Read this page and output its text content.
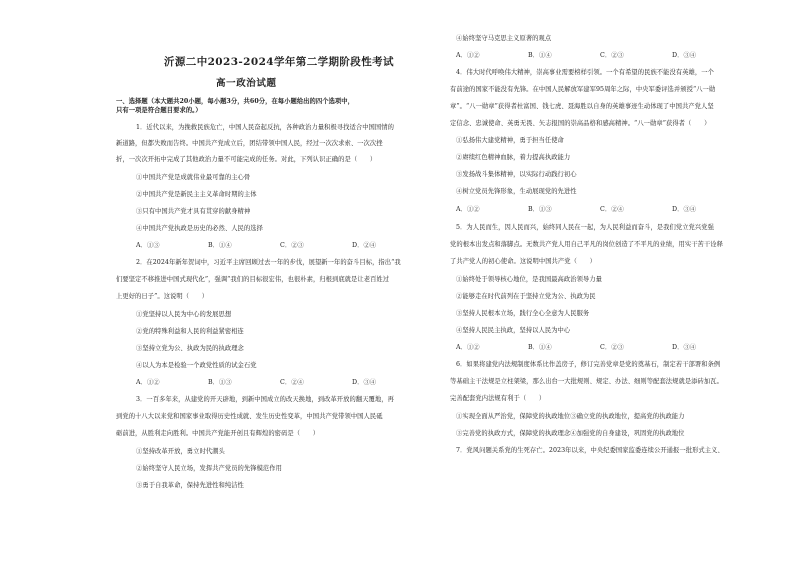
沂源二中2023-2024学年第二学期阶段性考试
高一政治试题
一、选择题（本大题共20小题，每小题3分，共60分，在每小题给出的四个选项中，
只有一项是符合题目要求的。）
1．近代以来，为挽救民族危亡，中国人民奋起反抗，各种政治力量积极寻找适合中国国情的
新道路，但都失败而告终。中国共产党成立后，团结带领中国人民，经过一次次求索、一次次挫
折，一次次开拓中完成了其他政治力量不可能完成的任务。对此，下列认识正确的是（　　）
①中国共产党是成就伟业最可靠的主心骨
②中国共产党是新民主主义革命时期的主体
③只有中国共产党才具有贯穿的献身精神
④中国共产党执政是历史的必然、人民的选择
A．①③	B．①④	C．②③	D．②④
2．在2024年新年贺词中，习近平主席回顾过去一年的步伐，展望新一年的奋斗目标，指出“我
们要坚定不移推进中国式现代化”，强调“我们的目标很宏伟，也很朴素，归根到底就是让老百姓过
上更好的日子”。这说明（　　）
①党坚持以人民为中心的发展思想
②党的特殊利益和人民的利益紧密相连
③坚持立党为公、执政为民的执政理念
④以人为本是检验一个政党性质的试金石党
A．①②	B．①③	C．②④	D．③④
3．一百多年来，从建党的开天辟地，到新中国成立的改天换地，到改革开放的翻天覆地，再
到党的十八大以来党和国家事业取得历史性成就、发生历史性变革，中国共产党带领中国人民砥
砺前进，从胜利走向胜利。中国共产党能开创且有辉煌的密码是（　　）
①坚持改革开放，勇立时代潮头
②始终坚守人民立场，发挥共产党员的先锋模范作用
③勇于自我革命，保持先进性和纯洁性
④始终坚守马克思主义原著的观点
A．①②	B．①④	C．②③	D．③④
4．伟大时代呼唤伟大精神，崇高事业需要榜样引领。一个有希望的民族不能没有英雄，一个
有前途的国家不能没有先锋。在中国人民解放军建军95周年之际，中央军委评选并颁授“八一勋
章”。“八一勋章”获得者杜富国、钱七虎、聂海胜以自身的英雄事迹生动体现了中国共产党人坚
定信念、忠诚使命、英勇无畏、矢志报国的崇高品格和感高精神。“八一勋章”获得者（　　）
①弘扬伟大建党精神，勇于担当任使命
②赓续红色精神血脉，着力提高执政能力
③发扬战斗集体精神，以实际行动践行初心
④树立党员先锋形象，生动展现党的先进性
A．①②	B．①③	C．②④	D．③④
5．为人民而生，因人民而兴，始终同人民在一起，为人民利益而奋斗，是我们党立党兴党强
党的根本出发点和落脚点。无数共产党人用自己平凡的岗位创造了不平凡的业绩，用实干苦干诠释
了共产党人的初心使命。这说明中国共产党（　　）
①始终处于领导核心地位，是我国最高政治领导力量
②能够走在时代前列在于坚持立党为公、执政为民
③坚持人民根本立场，践行全心全意为人民服务
④坚持人民民主执政，坚持以人民为中心
A．①②	B．①④	C．②③	D．③④
6．如果将建党内法规制度体系比作盖房子，修订完善党章是党的奠基石，制定若干部署和条例
等基础主干法规是立柱架梁，那么出台一大批规则、规定、办法、细则等配套法规就是添砖加瓦。
完善配套党内法规有利于（　　）
①实现全面从严治党，保障党的执政地位③确立党的执政地位，提高党的执政能力
③完善党的执政方式，保障党的执政理念④加强党的自身建设，巩固党的执政地位
7．党风问题关系党的生死存亡。2023年以来，中央纪委国家监委连续公开通报一批形式主义、
